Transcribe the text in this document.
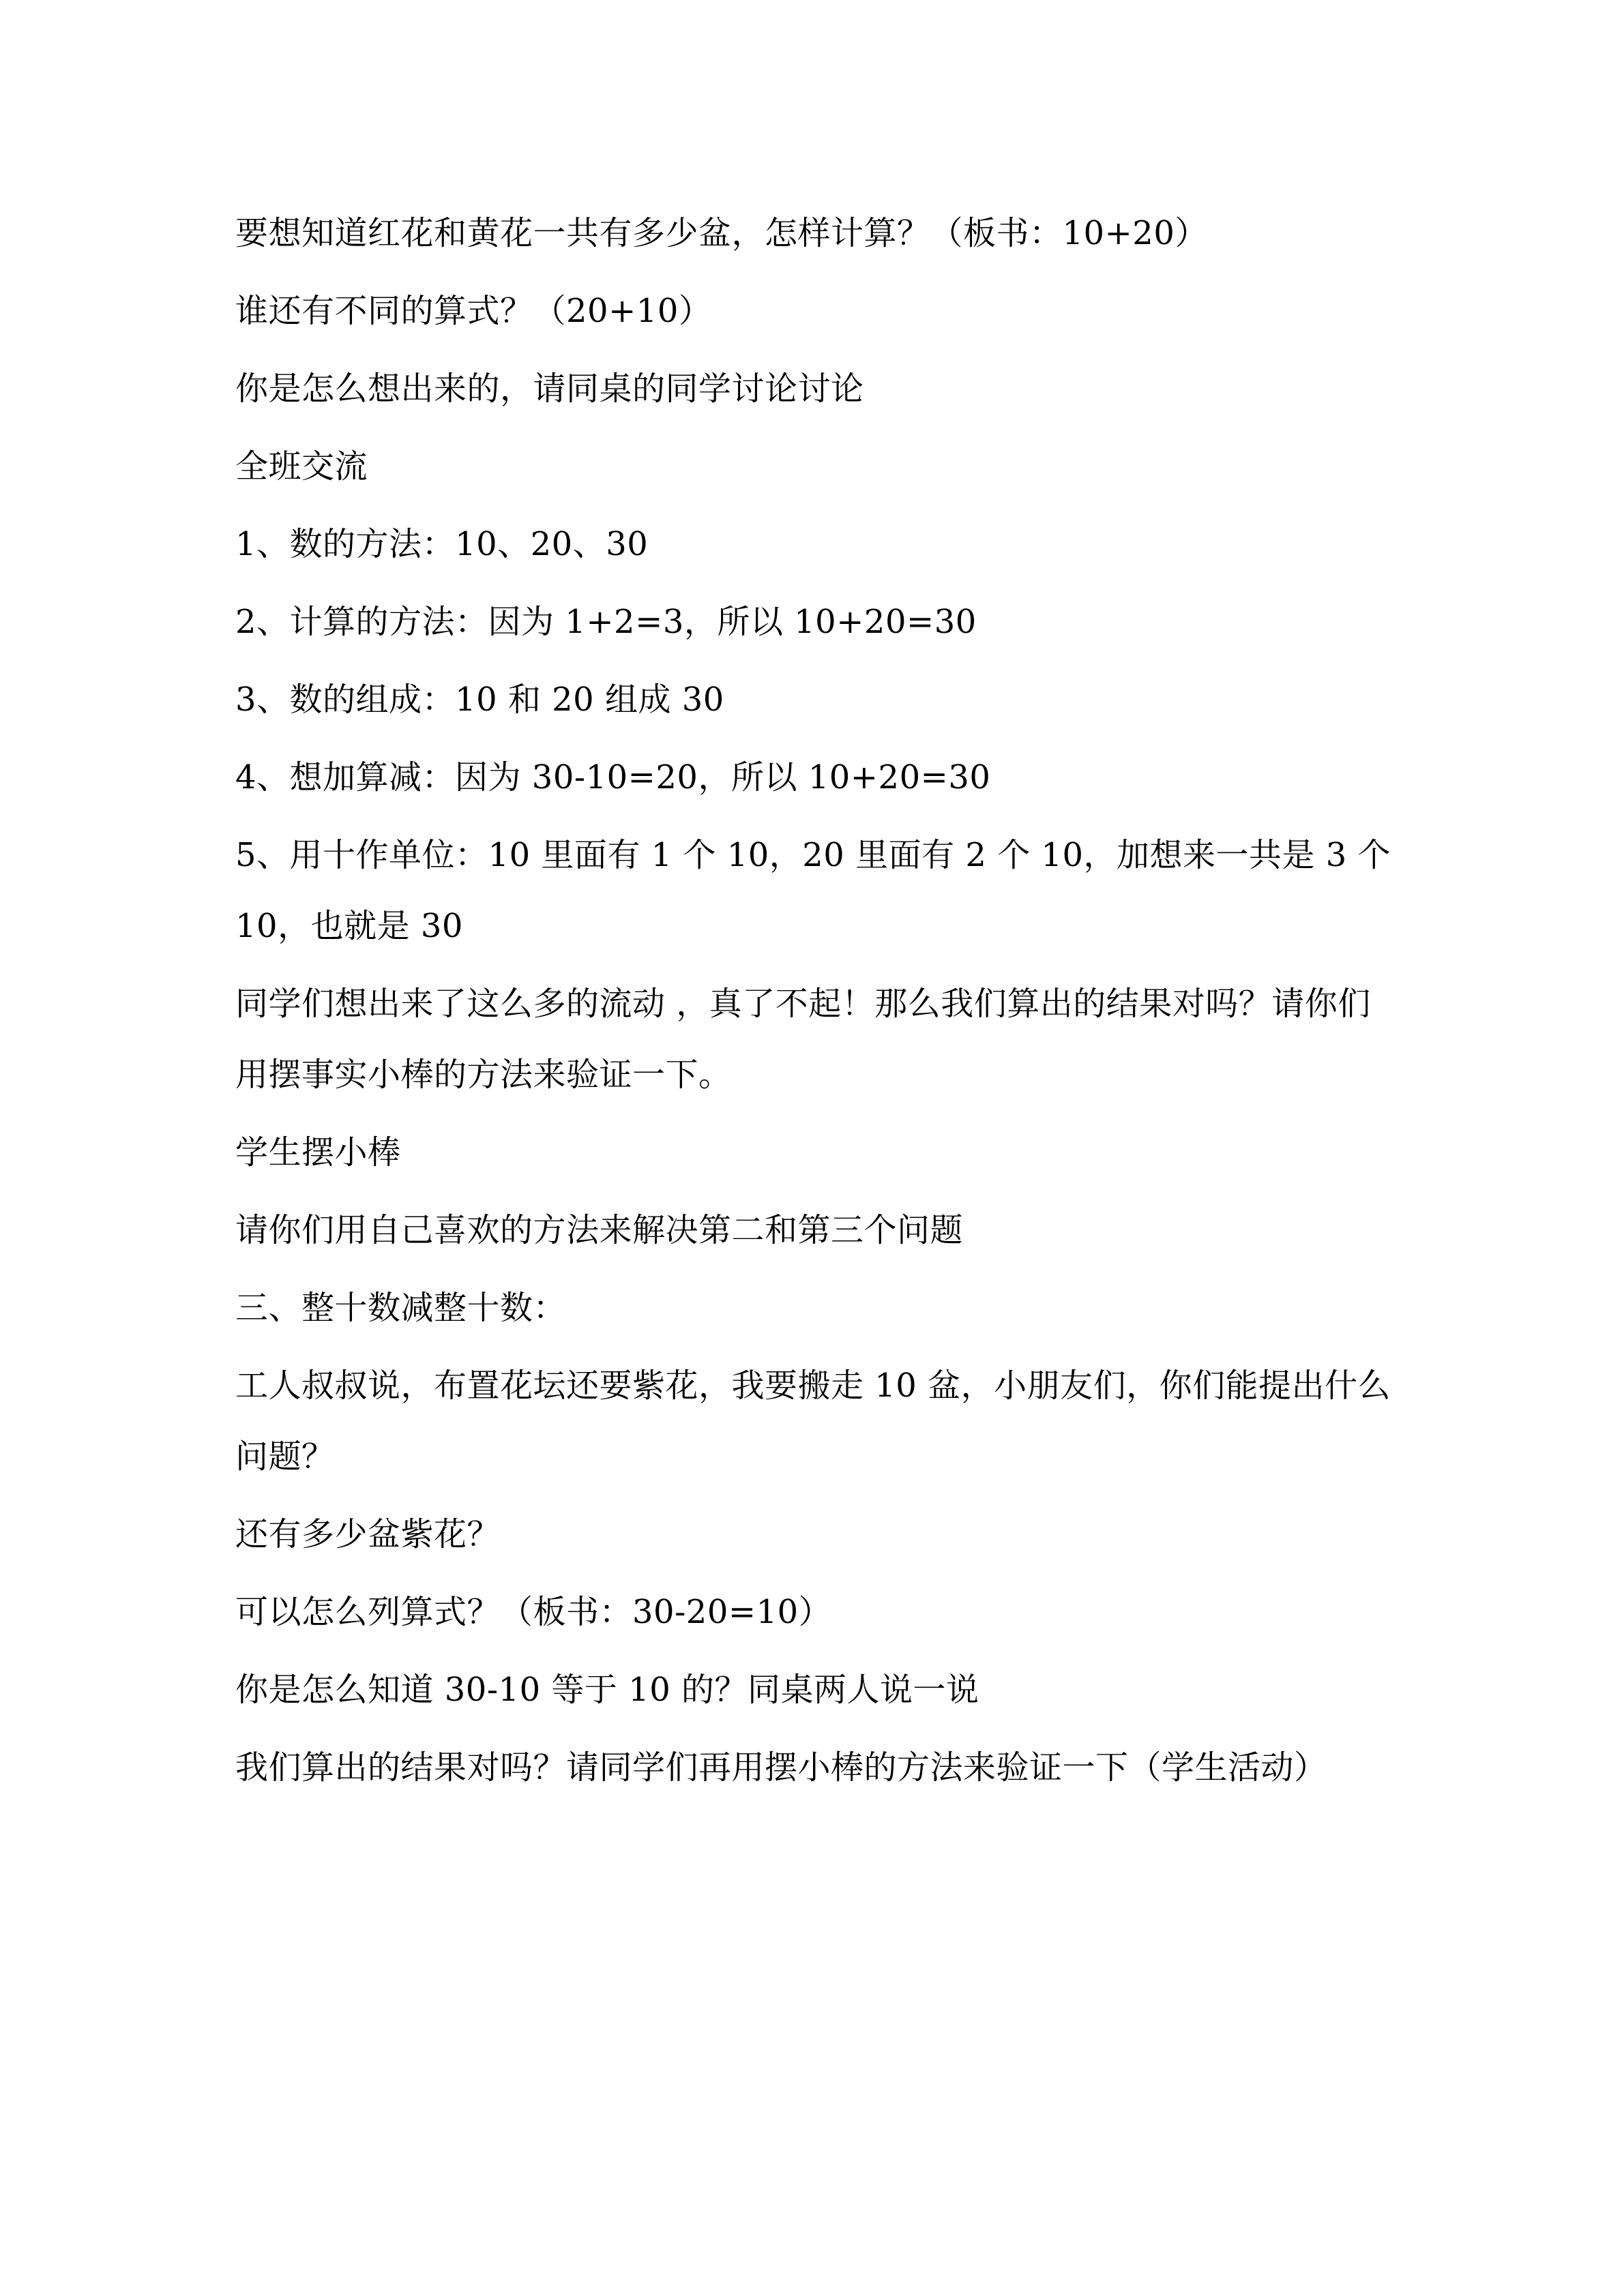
要想知道红花和黄花一共有多少盆，怎样计算？（板书：10+20）

谁还有不同的算式？（20+10）

你是怎么想出来的，请同桌的同学讨论讨论

全班交流

1、数的方法：10、20、30

2、计算的方法：因为 1+2=3，所以 10+20=30

3、数的组成：10 和 20 组成 30

4、想加算减：因为 30-10=20，所以 10+20=30

5、用十作单位：10 里面有 1 个 10，20 里面有 2 个 10，加想来一共是 3 个 10，也就是 30

同学们想出来了这么多的流动 ，真了不起！那么我们算出的结果对吗？请你们用摆事实小棒的方法来验证一下。

学生摆小棒

请你们用自己喜欢的方法来解决第二和第三个问题

三、整十数减整十数：

工人叔叔说，布置花坛还要紫花，我要搬走 10 盆，小朋友们，你们能提出什么问题？

还有多少盆紫花？

可以怎么列算式？（板书：30-20=10）

你是怎么知道 30-10 等于 10 的？同桌两人说一说

我们算出的结果对吗？请同学们再用摆小棒的方法来验证一下（学生活动）
